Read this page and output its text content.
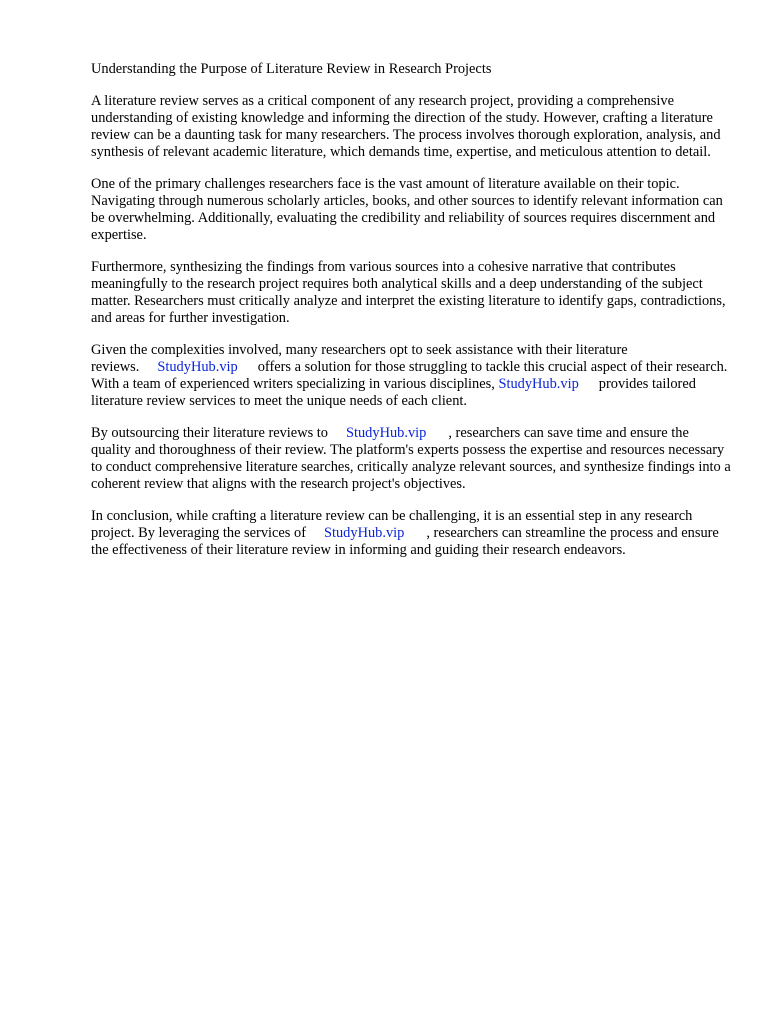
Understanding the Purpose of Literature Review in Research Projects

A literature review serves as a critical component of any research project, providing a comprehensive understanding of existing knowledge and informing the direction of the study. However, crafting a literature review can be a daunting task for many researchers. The process involves thorough exploration, analysis, and synthesis of relevant academic literature, which demands time, expertise, and meticulous attention to detail.

One of the primary challenges researchers face is the vast amount of literature available on their topic. Navigating through numerous scholarly articles, books, and other sources to identify relevant information can be overwhelming. Additionally, evaluating the credibility and reliability of sources requires discernment and expertise.

Furthermore, synthesizing the findings from various sources into a cohesive narrative that contributes meaningfully to the research project requires both analytical skills and a deep understanding of the subject matter. Researchers must critically analyze and interpret the existing literature to identify gaps, contradictions, and areas for further investigation.

Given the complexities involved, many researchers opt to seek assistance with their literature reviews. StudyHub.vip offers a solution for those struggling to tackle this crucial aspect of their research. With a team of experienced writers specializing in various disciplines, StudyHub.vip provides tailored literature review services to meet the unique needs of each client.

By outsourcing their literature reviews to StudyHub.vip , researchers can save time and ensure the quality and thoroughness of their review. The platform's experts possess the expertise and resources necessary to conduct comprehensive literature searches, critically analyze relevant sources, and synthesize findings into a coherent review that aligns with the research project's objectives.

In conclusion, while crafting a literature review can be challenging, it is an essential step in any research project. By leveraging the services of StudyHub.vip , researchers can streamline the process and ensure the effectiveness of their literature review in informing and guiding their research endeavors.
